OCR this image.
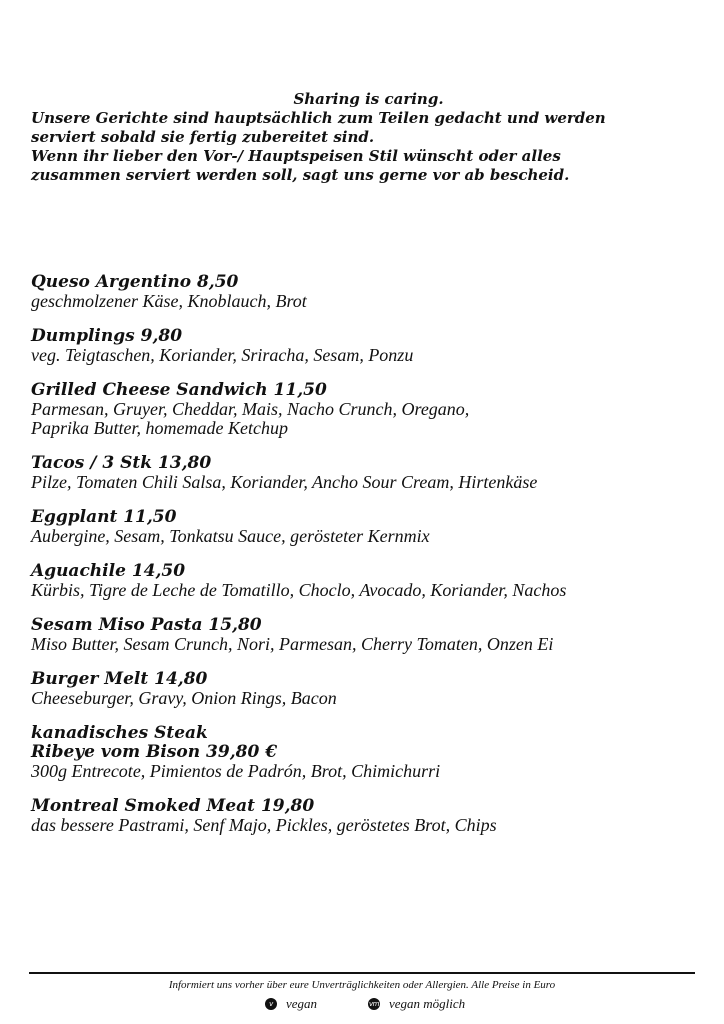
Sharing is caring.
Unsere Gerichte sind hauptsächlich zum Teilen gedacht und werden
serviert sobald sie fertig zubereitet sind.
Wenn ihr lieber den Vor-/ Hauptspeisen Stil wünscht oder alles
zusammen serviert werden soll, sagt uns gerne vor ab bescheid.
Queso Argentino 8,50
geschmolzener Käse, Knoblauch, Brot
Dumplings 9,80
veg. Teigtaschen, Koriander, Sriracha, Sesam, Ponzu
Grilled Cheese Sandwich 11,50
Parmesan, Gruyer, Cheddar, Mais, Nacho Crunch, Oregano,
Paprika Butter, homemade Ketchup
Tacos / 3 Stk 13,80
Pilze, Tomaten Chili Salsa, Koriander, Ancho Sour Cream, Hirtenkäse
Eggplant 11,50
Aubergine, Sesam, Tonkatsu Sauce, gerösteter Kernmix
Aguachile 14,50
Kürbis, Tigre de Leche de Tomatillo, Choclo, Avocado, Koriander, Nachos
Sesam Miso Pasta 15,80
Miso Butter, Sesam Crunch, Nori, Parmesan, Cherry Tomaten, Onzen Ei
Burger Melt 14,80
Cheeseburger, Gravy, Onion Rings, Bacon
kanadisches Steak
Ribeye vom Bison 39,80 €
300g Entrecote, Pimientos de Padrón, Brot, Chimichurri
Montreal Smoked Meat 19,80
das bessere Pastrami, Senf Majo, Pickles, geröstetes Brot, Chips
Informiert uns vorher über eure Unverträglichkeiten oder Allergien. Alle Preise in Euro
v	vegan	vm vegan möglich
